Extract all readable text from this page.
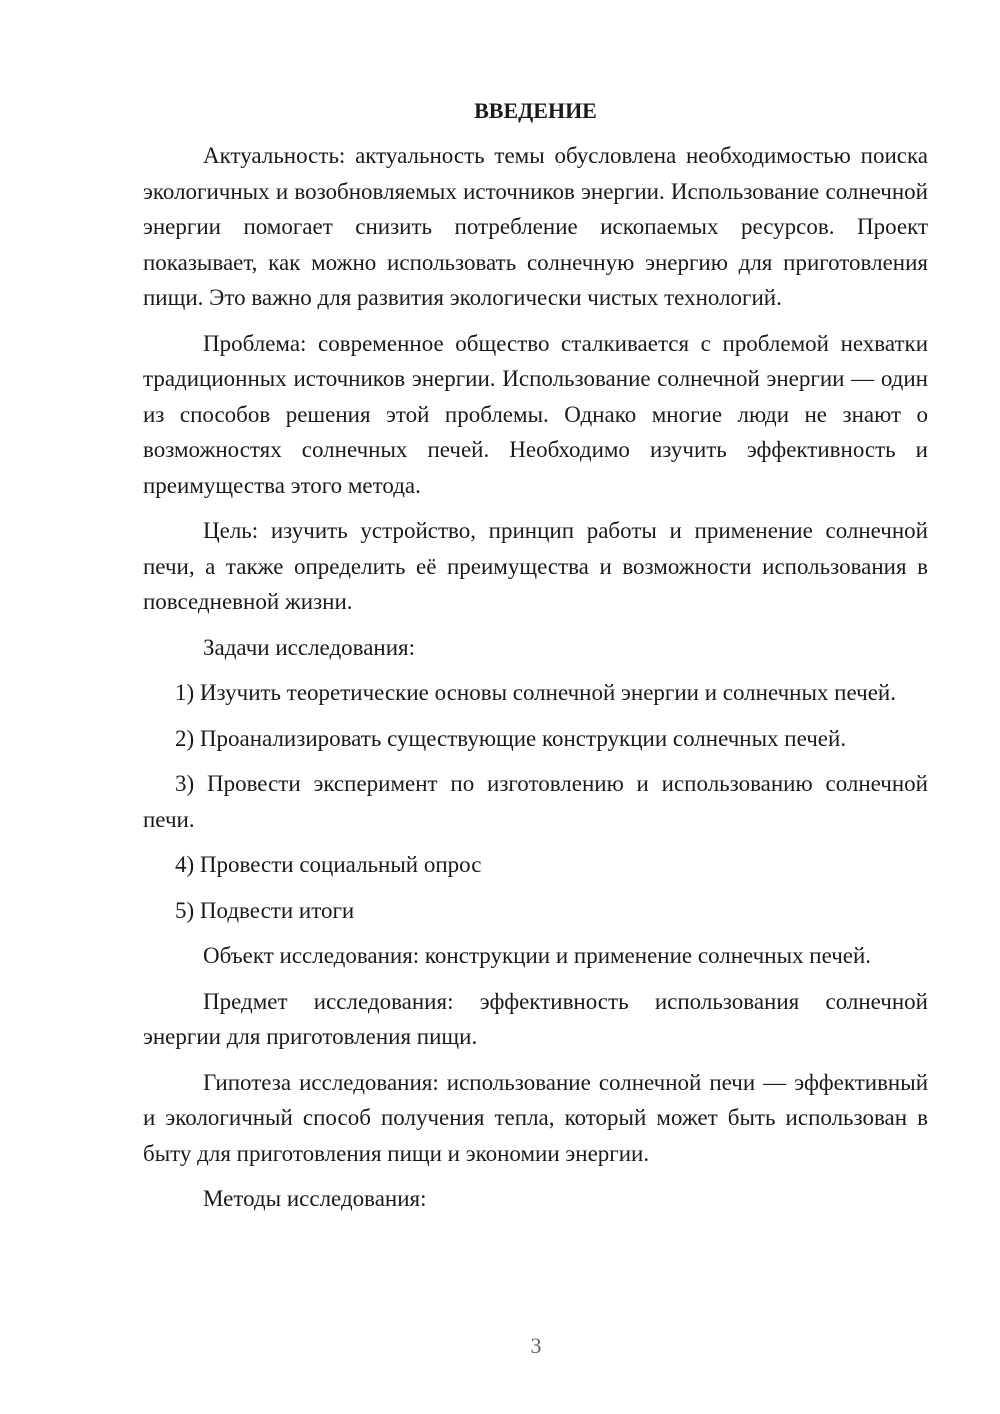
ВВЕДЕНИЕ

Актуальность: актуальность темы обусловлена необходимостью поиска экологичных и возобновляемых источников энергии. Использование солнечной энергии помогает снизить потребление ископаемых ресурсов. Проект показывает, как можно использовать солнечную энергию для приготовления пищи. Это важно для развития экологически чистых технологий.

Проблема: современное общество сталкивается с проблемой нехватки традиционных источников энергии. Использование солнечной энергии — один из способов решения этой проблемы. Однако многие люди не знают о возможностях солнечных печей. Необходимо изучить эффективность и преимущества этого метода.

Цель: изучить устройство, принцип работы и применение солнечной печи, а также определить её преимущества и возможности использования в повседневной жизни.

Задачи исследования:

1) Изучить теоретические основы солнечной энергии и солнечных печей.

2) Проанализировать существующие конструкции солнечных печей.

3) Провести эксперимент по изготовлению и использованию солнечной печи.

4) Провести социальный опрос

5) Подвести итоги

Объект исследования: конструкции и применение солнечных печей.

Предмет исследования: эффективность использования солнечной энергии для приготовления пищи.

Гипотеза исследования: использование солнечной печи — эффективный и экологичный способ получения тепла, который может быть использован в быту для приготовления пищи и экономии энергии.

Методы исследования:

3
